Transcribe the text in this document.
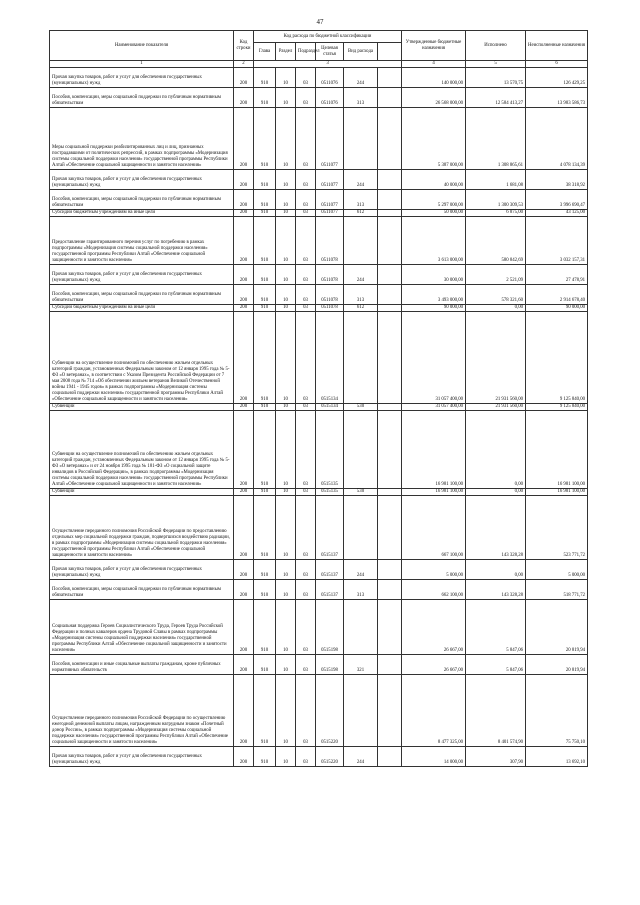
47
Наименование показателя	Код строки	Код расхода по бюджетной классификации						Утвержденные бюджетные назначения	Исполнено	Неисполненные назначения
		Глава	Раздел	Подраздел	Целевая статья	Вид расхода				
1	2	3						4	5	6
Прочая закупка товаров, работ и услуг для обеспечения государственных (муниципальных) нужд	200	910	10	03	0511076	244		140 000,00	13 570,75	126 429,25
Пособия, компенсации, меры социальной поддержки по публичным нормативным обязательствам	200	910	10	03	0511076	313		26 568 000,00	12 584 413,27	13 983 586,73
Меры социальной поддержки реабилитированных лиц и лиц, признанных пострадавшими от политических репрессий, в рамках подпрограммы «Модернизация системы социальной поддержки населения» государственной программы Республики Алтай «Обеспечение социальной защищенности и занятости населения»	200	910	10	03	0511077			5 387 000,00	1 308 865,61	4 078 134,39
Прочая закупка товаров, работ и услуг для обеспечения государственных (муниципальных) нужд	200	910	10	03	0511077	244		40 000,00	1 681,08	38 318,92
Пособия, компенсации, меры социальной поддержки по публичным нормативным обязательствам	200	910	10	03	0511077	313		5 297 000,00	1 300 309,53	3 996 690,47
Субсидии бюджетным учреждениям на иные цели	200	910	10	03	0511077	612		50 000,00	6 875,00	43 125,00
Предоставление гарантированного перечня услуг по погребению в рамках подпрограммы «Модернизация системы социальной поддержки населения» государственной программы Республики Алтай «Обеспечение социальной защищенности и занятости населения»	200	910	10	03	0511078			3 613 000,00	580 842,69	3 032 157,31
Прочая закупка товаров, работ и услуг для обеспечения государственных (муниципальных) нужд	200	910	10	03	0511078	244		30 000,00	2 521,09	27 478,91
Пособия, компенсации, меры социальной поддержки по публичным нормативным обязательствам	200	910	10	03	0511078	313		3 493 000,00	578 321,60	2 914 678,40
Субсидии бюджетным учреждениям на иные цели	200	910	10	03	0511078	612		90 000,00	0,00	90 000,00
Субвенции на осуществление полномочий по обеспечению жильем отдельных категорий граждан, установленных Федеральным законом от 12 января 1995 года № 5-ФЗ «О ветеранах», в соответствии с Указом Президента Российской Федерации от 7 мая 2008 года № 714 «Об обеспечении жильем ветеранов Великой Отечественной войны 1941 - 1945 годов» в рамках подпрограммы «Модернизация системы социальной поддержки населения» государственной программы Республики Алтай «Обеспечение социальной защищенности и занятости населения»	200	910	10	03	0515134			31 057 400,00	21 931 560,00	9 125 840,00
Субвенции	200	910	10	03	0515134	530		31 057 400,00	21 931 560,00	9 125 840,00
Субвенции на осуществление полномочий по обеспечению жильем отдельных категорий граждан, установленных Федеральным законом от 12 января 1995 года № 5-ФЗ «О ветеранах» и от 24 ноября 1995 года № 181-ФЗ «О социальной защите инвалидов в Российской Федерации», в рамках подпрограммы «Модернизация системы социальной поддержки населения» государственной программы Республики Алтай «Обеспечение социальной защищенности и занятости населения»	200	910	10	03	0515135			16 981 100,00	0,00	16 981 100,00
Субвенции	200	910	10	03	0515135	530		16 981 100,00	0,00	16 981 100,00
Осуществление переданного полномочия Российской Федерации по предоставлению отдельных мер социальной поддержки граждан, подвергшихся воздействию радиации, в рамках подпрограммы «Модернизация системы социальной поддержки населения» государственной программы Республики Алтай «Обеспечение социальной защищенности и занятости населения»	200	910	10	03	0515137			667 100,00	143 328,28	523 771,72
Прочая закупка товаров, работ и услуг для обеспечения государственных (муниципальных) нужд	200	910	10	03	0515137	244		5 000,00	0,00	5 000,00
Пособия, компенсации, меры социальной поддержки по публичным нормативным обязательствам	200	910	10	03	0515137	313		662 100,00	143 328,28	518 771,72
Социальная поддержка Героев Социалистического Труда, Героев Труда Российской Федерации и полных кавалеров ордена Трудовой Славы в рамках подпрограммы «Модернизация системы социальной поддержки населения» государственной программы Республики Алтай «Обеспечение социальной защищенности и занятости населения»	200	910	10	03	0515198			26 667,00	5 847,06	20 819,94
Пособия, компенсации и иные социальные выплаты гражданам, кроме публичных нормативных обязательств	200	910	10	03	0515198	321		26 667,00	5 847,06	20 819,94
Осуществление переданного полномочия Российской Федерации по осуществлению ежегодной денежной выплаты лицам, награжденным нагрудным знаком «Почетный донор России», в рамках подпрограммы «Модернизация системы социальной поддержки населения» государственной программы Республики Алтай «Обеспечение социальной защищенности и занятости населения»	200	910	10	03	0515220			8 477 325,00	8 401 574,90	75 750,10
Прочая закупка товаров, работ и услуг для обеспечения государственных (муниципальных) нужд	200	910	10	03	0515220	244		14 000,00	307,90	13 692,10
